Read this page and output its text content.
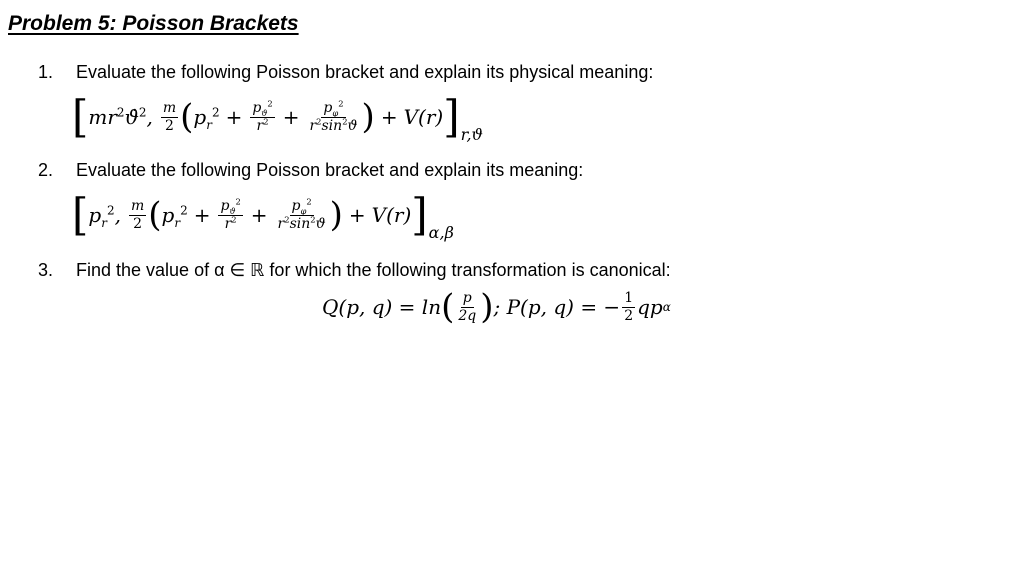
Problem 5: Poisson Brackets
1. Evaluate the following Poisson bracket and explain its physical meaning:
[ $mr^2ϑ̇^2$, $\frac{m}{2}$ ( $p_r^2 + \frac{p_ϑ^2}{r^2} + \frac{p_\varphi^2}{r^2\sin^2ϑ}$ ) + V(r) ] r,ϑ
2. Evaluate the following Poisson bracket and explain its meaning:
[ $p_r^2$, $\frac{m}{2}$ ( $p_r^2 + \frac{p_ϑ^2}{r^2} + \frac{p_\varphi^2}{r^2\sin^2ϑ}$ ) + V(r) ] α,β
3. Find the value of α ∈ ℝ for which the following transformation is canonical:
Q(p, q) = ln ( $\frac{p}{2q}$ ) ; P(p, q) = − $\frac{1}{2}$ qp α
